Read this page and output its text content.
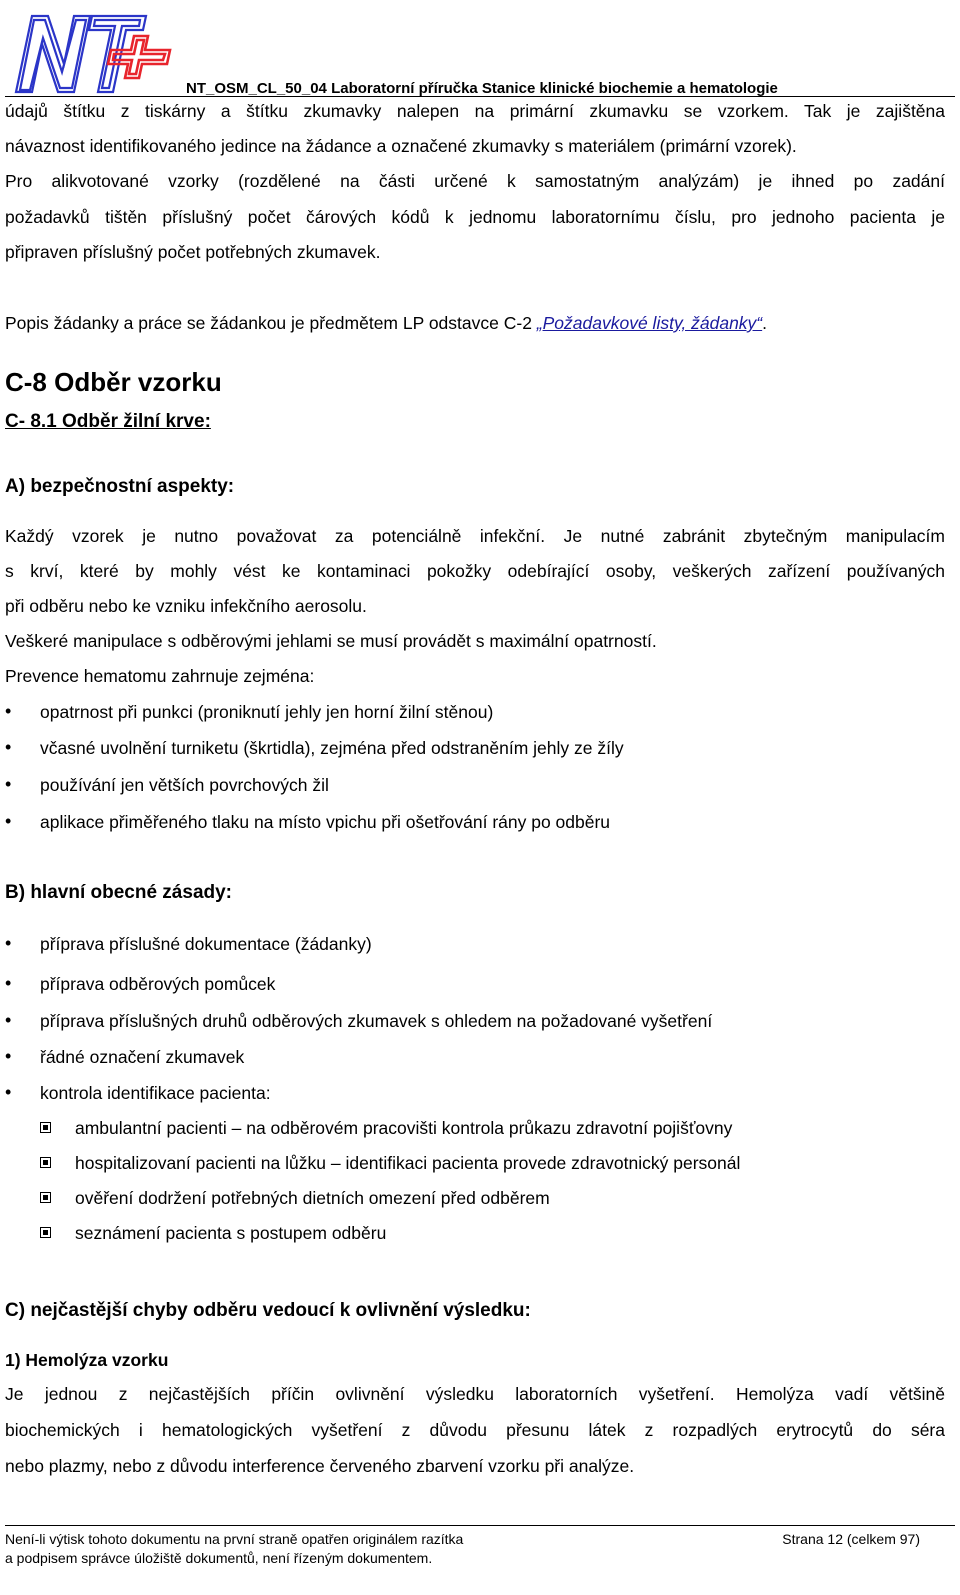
NT_OSM_CL_50_04 Laboratorní příručka Stanice klinické biochemie a hematologie
údajů štítku z tiskárny a štítku zkumavky nalepen na primární zkumavku se vzorkem. Tak je zajištěna
návaznost identifikovaného jedince na žádance a označené zkumavky s materiálem (primární vzorek).
Pro alikvotované vzorky (rozdělené na části určené k samostatným analýzám) je ihned po zadání
požadavků tištěn příslušný počet čárových kódů k jednomu laboratornímu číslu, pro jednoho pacienta je
připraven příslušný počet potřebných zkumavek.
Popis žádanky a práce se žádankou je předmětem LP odstavce C-2 „Požadavkové listy, žádanky“.
C-8 Odběr vzorku
C- 8.1 Odběr žilní krve:
A) bezpečnostní aspekty:
Každý vzorek je nutno považovat za potenciálně infekční. Je nutné zabránit zbytečným manipulacím
s krví, které by mohly vést ke kontaminaci pokožky odebírající osoby, veškerých zařízení používaných
při odběru nebo ke vzniku infekčního aerosolu.
Veškeré manipulace s odběrovými jehlami se musí provádět s maximální opatrností.
Prevence hematomu zahrnuje zejména:
• opatrnost při punkci (proniknutí jehly jen horní žilní stěnou)
• včasné uvolnění turniketu (škrtidla), zejména před odstraněním jehly ze žíly
• používání jen větších povrchových žil
• aplikace přiměřeného tlaku na místo vpichu při ošetřování rány po odběru
B) hlavní obecné zásady:
• příprava příslušné dokumentace (žádanky)
• příprava odběrových pomůcek
• příprava příslušných druhů odběrových zkumavek s ohledem na požadované vyšetření
• řádné označení zkumavek
• kontrola identifikace pacienta:
ambulantní pacienti – na odběrovém pracovišti kontrola průkazu zdravotní pojišťovny
hospitalizovaní pacienti na lůžku – identifikaci pacienta provede zdravotnický personál
ověření dodržení potřebných dietních omezení před odběrem
seznámení pacienta s postupem odběru
C) nejčastější chyby odběru vedoucí k ovlivnění výsledku:
1) Hemolýza vzorku
Je jednou z nejčastějších příčin ovlivnění výsledku laboratorních vyšetření. Hemolýza vadí většině
biochemických i hematologických vyšetření z důvodu přesunu látek z rozpadlých erytrocytů do séra
nebo plazmy, nebo z důvodu interference červeného zbarvení vzorku při analýze.
Není-li výtisk tohoto dokumentu na první straně opatřen originálem razítka
a podpisem správce úložiště dokumentů, není řízeným dokumentem.
Strana 12 (celkem 97)
